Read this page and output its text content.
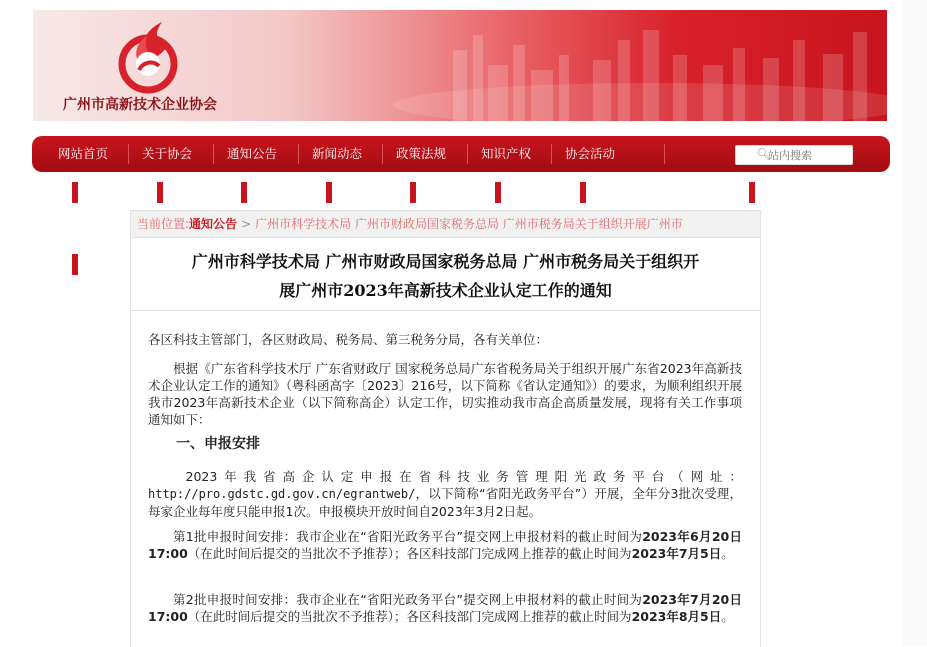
广州市高新技术企业协会
网站首页	关于协会	通知公告	新闻动态	政策法规	知识产权	协会活动	🔍︎
站内搜索
当前位置:通知公告 > 广州市科学技术局 广州市财政局国家税务总局 广州市税务局关于组织开展广州市
广州市科学技术局 广州市财政局国家税务总局 广州市税务局关于组织开
展广州市2023年高新技术企业认定工作的通知
各区科技主管部门，各区财政局、税务局、第三税务分局，各有关单位：
根据《广东省科学技术厅 广东省财政厅 国家税务总局广东省税务局关于组织开展广东省2023年高新技术企业认定工作的通知》（粤科函高字〔2023〕216号，以下简称《省认定通知》）的要求，为顺利组织开展我市2023年高新技术企业（以下简称高企）认定工作，切实推动我市高企高质量发展，现将有关工作事项通知如下：
一、申报安排
2023年我省高企认定申报在省科技业务管理阳光政务平台（网址：http://pro.gdstc.gd.gov.cn/egrantweb/，以下简称“省阳光政务平台”）开展，全年分3批次受理，每家企业每年度只能申报1次。申报模块开放时间自2023年3月2日起。
第1批申报时间安排：我市企业在“省阳光政务平台”提交网上申报材料的截止时间为2023年6月20日17:00（在此时间后提交的当批次不予推荐）；各区科技部门完成网上推荐的截止时间为2023年7月5日。
第2批申报时间安排：我市企业在“省阳光政务平台”提交网上申报材料的截止时间为2023年7月20日17:00（在此时间后提交的当批次不予推荐）；各区科技部门完成网上推荐的截止时间为2023年8月5日。
